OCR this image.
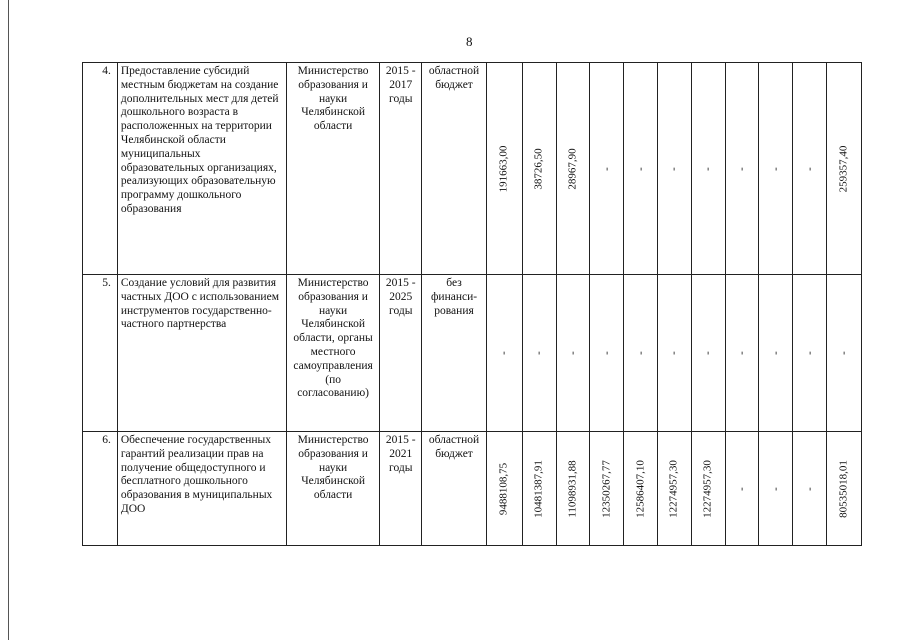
8
4.	Предоставление субсидий местным бюджетам на создание дополнительных мест для детей дошкольного возраста в расположенных на территории Челябинской области муниципальных образовательных организациях, реализующих образовательную программу дошкольного образования	Министерство образования и науки Челябинской области	2015 - 2017 годы	областной бюджет	191663,00	38726,50	28967,90	-	-	-	-	-	-	-	259357,40

5.	Создание условий для развития частных ДОО с использованием инструментов государственно-частного партнерства	Министерство образования и науки Челябинской области, органы местного самоуправления (по согласованию)	2015 - 2025 годы	без финанси-рования	-	-	-	-	-	-	-	-	-	-	-

6.	Обеспечение государственных гарантий реализации прав на получение общедоступного и бесплатного дошкольного образования в муниципальных ДОО	Министерство образования и науки Челябинской области	2015 - 2021 годы	областной бюджет	9488108,75	10481387,91	11098931,88	12350267,77	12586407,10	12274957,30	12274957,30	-	-	-	80535018,01
